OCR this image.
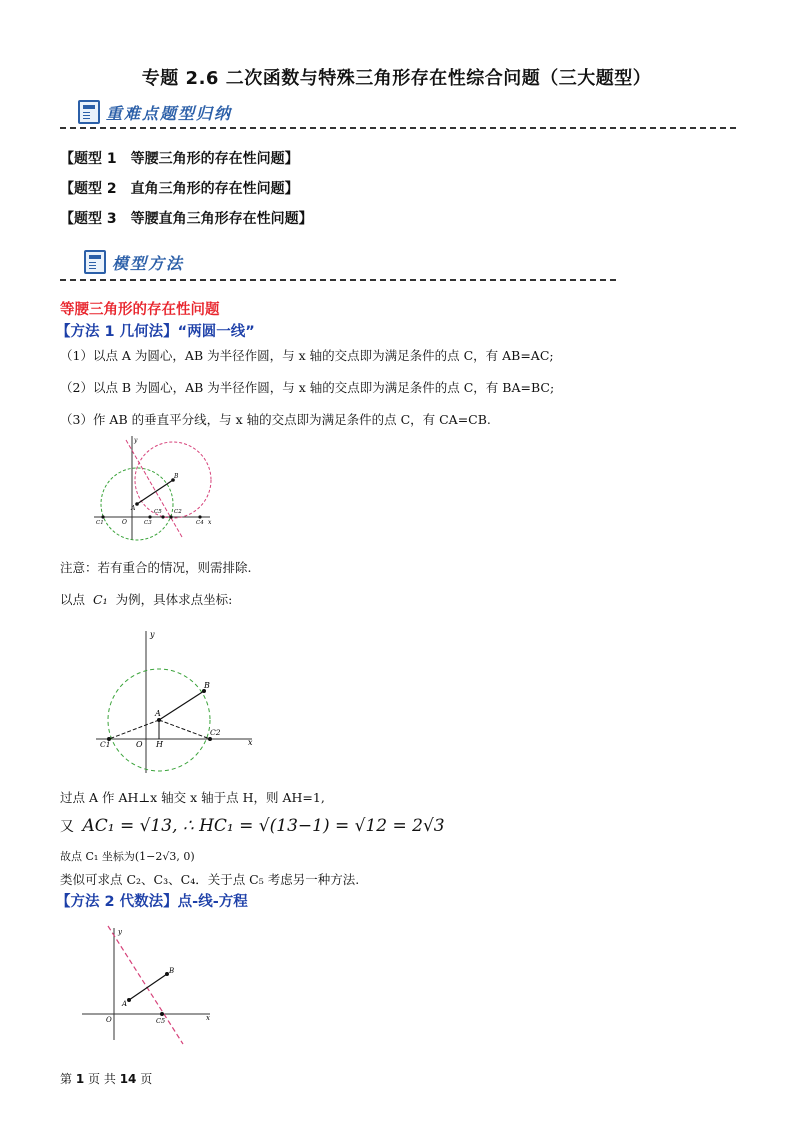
专题 2.6 二次函数与特殊三角形存在性综合问题（三大题型）
重难点题型归纳
【题型 1 等腰三角形的存在性问题】
【题型 2 直角三角形的存在性问题】
【题型 3 等腰直角三角形存在性问题】
模型方法
等腰三角形的存在性问题
【方法 1 几何法】“两圆一线”
（1）以点 A 为圆心，AB 为半径作圆，与 x 轴的交点即为满足条件的点 C，有 AB=AC;
（2）以点 B 为圆心，AB 为半径作圆，与 x 轴的交点即为满足条件的点 C，有 BA=BC;
（3）作 AB 的垂直平分线，与 x 轴的交点即为满足条件的点 C，有 CA=CB.
y
x
O
A
B
C1	C3
C5 C2
C4
注意：若有重合的情况，则需排除.
以点 C₁ 为例，具体求点坐标:
y
x
O
A
B
H
C1
C2
过点 A 作 AH⊥x 轴交 x 轴于点 H，则 AH=1,
又 AC₁ = √13, ∴ HC₁ = √(13−1) = √12 = 2√3
故点 C₁ 坐标为(1−2√3, 0)
类似可求点 C₂、C₃、C₄．关于点 C₅ 考虑另一种方法.
【方法 2 代数法】点-线-方程
y
x
O
A
B
C5
第 1 页 共 14 页
